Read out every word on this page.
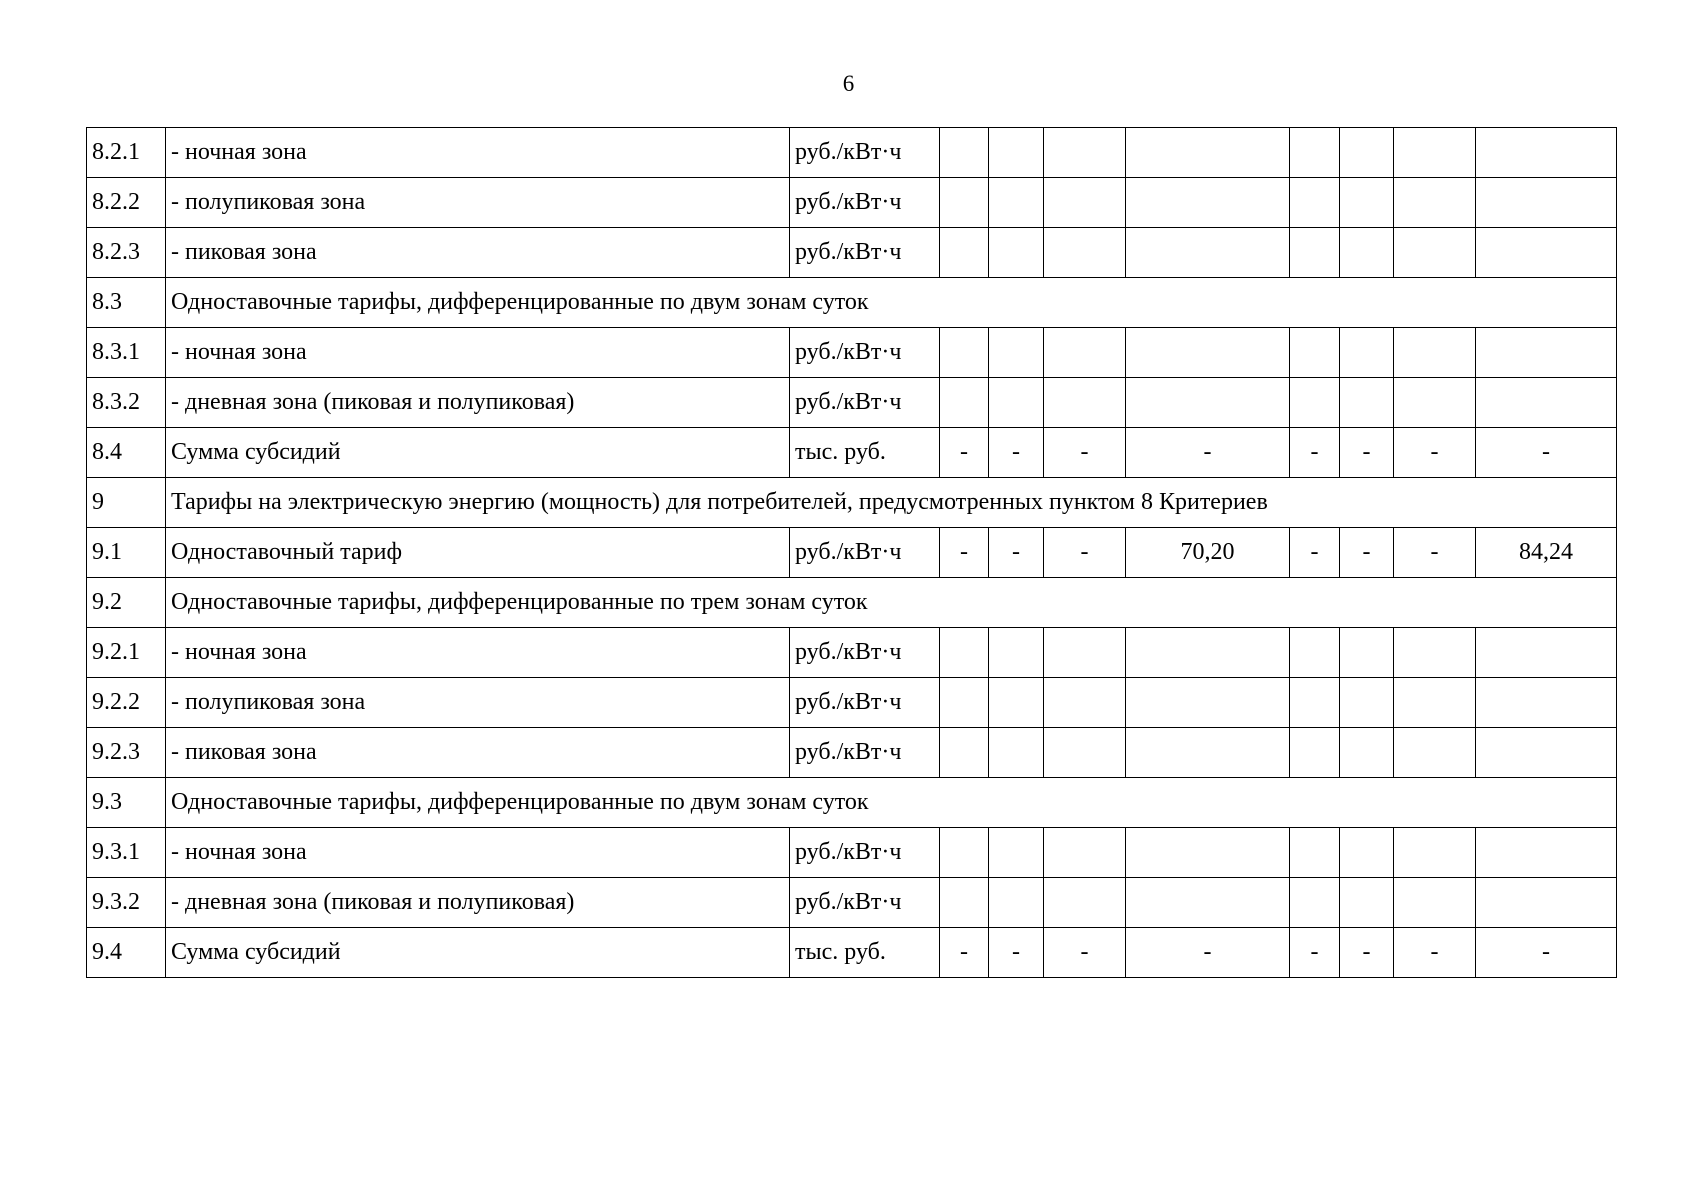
6
8.2.1	- ночная зона	руб./кВт·ч								
8.2.2	- полупиковая зона	руб./кВт·ч								
8.2.3	- пиковая зона	руб./кВт·ч								
8.3	Одноставочные тарифы, дифференцированные по двум зонам суток									
8.3.1	- ночная зона	руб./кВт·ч								
8.3.2	- дневная зона (пиковая и полупиковая)	руб./кВт·ч								
8.4	Сумма субсидий	тыс. руб.	-	-	-	-	-	-	-	-
9	Тарифы на электрическую энергию (мощность) для потребителей, предусмотренных пунктом 8 Критериев									
9.1	Одноставочный тариф	руб./кВт·ч	-	-	-	70,20	-	-	-	84,24
9.2	Одноставочные тарифы, дифференцированные по трем зонам суток									
9.2.1	- ночная зона	руб./кВт·ч								
9.2.2	- полупиковая зона	руб./кВт·ч								
9.2.3	- пиковая зона	руб./кВт·ч								
9.3	Одноставочные тарифы, дифференцированные по двум зонам суток									
9.3.1	- ночная зона	руб./кВт·ч								
9.3.2	- дневная зона (пиковая и полупиковая)	руб./кВт·ч								
9.4	Сумма субсидий	тыс. руб.	-	-	-	-	-	-	-	-
